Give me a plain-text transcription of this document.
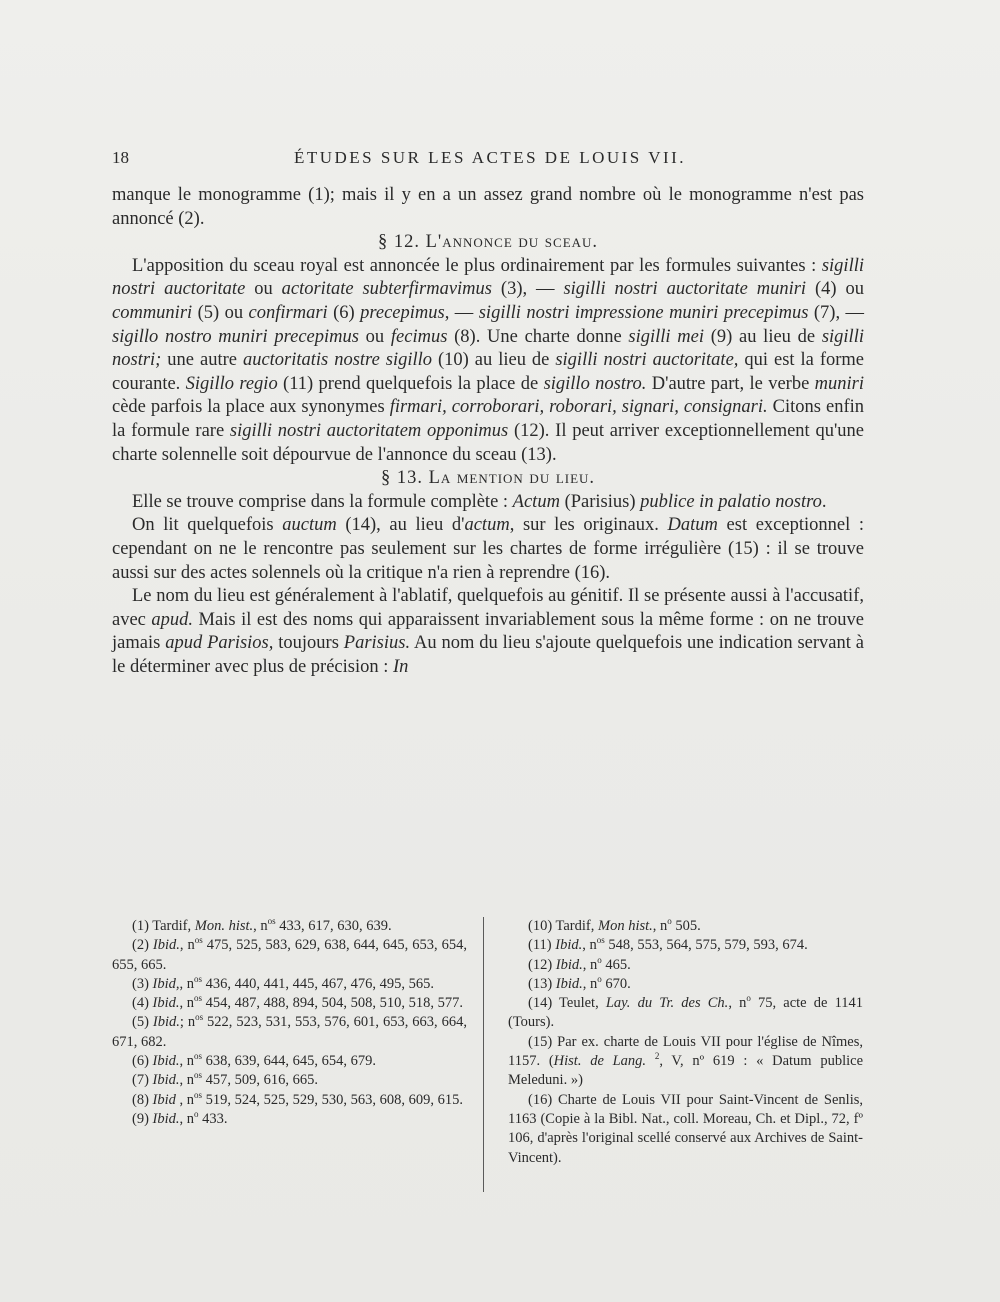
18	ÉTUDES SUR LES ACTES DE LOUIS VII.

manque le monogramme (1); mais il y en a un assez grand nombre où le monogramme n'est pas annoncé (2).

§ 12. L'annonce du sceau.

L'apposition du sceau royal est annoncée le plus ordinairement par les formules suivantes : sigilli nostri auctoritate ou actoritate subterfirmavimus (3), — sigilli nostri auctoritate muniri (4) ou communiri (5) ou confirmari (6) precepimus, — sigilli nostri impressione muniri precepimus (7), — sigillo nostro muniri precepimus ou fecimus (8). Une charte donne sigilli mei (9) au lieu de sigilli nostri; une autre auctoritatis nostre sigillo (10) au lieu de sigilli nostri auctoritate, qui est la forme courante. Sigillo regio (11) prend quelquefois la place de sigillo nostro. D'autre part, le verbe muniri cède parfois la place aux synonymes firmari, corroborari, roborari, signari, consignari. Citons enfin la formule rare sigilli nostri auctoritatem opponimus (12). Il peut arriver exceptionnellement qu'une charte solennelle soit dépourvue de l'annonce du sceau (13).

§ 13. La mention du lieu.

Elle se trouve comprise dans la formule complète : Actum (Parisius) publice in palatio nostro.

On lit quelquefois auctum (14), au lieu d'actum, sur les originaux. Datum est exceptionnel : cependant on ne le rencontre pas seulement sur les chartes de forme irrégulière (15) : il se trouve aussi sur des actes solennels où la critique n'a rien à reprendre (16).

Le nom du lieu est généralement à l'ablatif, quelquefois au génitif. Il se présente aussi à l'accusatif, avec apud. Mais il est des noms qui apparaissent invariablement sous la même forme : on ne trouve jamais apud Parisios, toujours Parisius. Au nom du lieu s'ajoute quelquefois une indication servant à le déterminer avec plus de précision : In

(1) Tardif, Mon. hist., $n^{os}$ 433, 617, 630, 639.

(2) Ibid., $n^{os}$ 475, 525, 583, 629, 638, 644, 645, 653, 654, 655, 665.

(3) Ibid,, $n^{os}$ 436, 440, 441, 445, 467, 476, 495, 565.

(4) Ibid., $n^{os}$ 454, 487, 488, 894, 504, 508, 510, 518, 577.

(5) Ibid.; $n^{os}$ 522, 523, 531, 553, 576, 601, 653, 663, 664, 671, 682.

(6) Ibid., $n^{os}$ 638, 639, 644, 645, 654, 679.

(7) Ibid., $n^{os}$ 457, 509, 616, 665.

(8) Ibid , $n^{os}$ 519, 524, 525, 529, 530, 563, 608, 609, 615.

(9) Ibid., $n^o$ 433.

(10) Tardif, Mon hist., $n^o$ 505.

(11) Ibid., $n^{os}$ 548, 553, 564, 575, 579, 593, 674.

(12) Ibid., $n^o$ 465.

(13) Ibid., $n^o$ 670.

(14) Teulet, Lay. du Tr. des Ch., $n^o$ 75, acte de 1141 (Tours).

(15) Par ex. charte de Louis VII pour l'église de Nîmes, 1157. (Hist. de Lang. $^2$, V, nº 619 : « Datum publice Meleduni. »)

(16) Charte de Louis VII pour Saint-Vincent de Senlis, 1163 (Copie à la Bibl. Nat., coll. Moreau, Ch. et Dipl., 72, fº 106, d'après l'original scellé conservé aux Archives de Saint-Vincent).
